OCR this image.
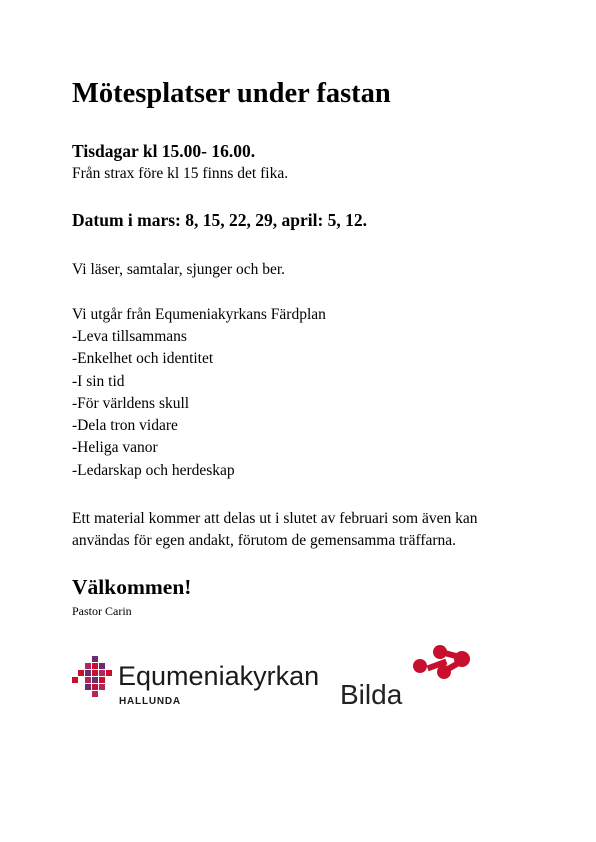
Mötesplatser under fastan

Tisdagar kl 15.00- 16.00.

Från strax före kl 15 finns det fika.

Datum i mars: 8, 15, 22, 29, april: 5, 12.

Vi läser, samtalar, sjunger och ber.

Vi utgår från Equmeniakyrkans Färdplan

-Leva tillsammans
-Enkelhet och identitet
-I sin tid
-För världens skull
-Dela tron vidare
-Heliga vanor
-Ledarskap och herdeskap

Ett material kommer att delas ut i slutet av februari som även kan

användas för egen andakt, förutom de gemensamma träffarna.

Välkommen!

Pastor Carin

Equmeniakyrkan
HALLUNDA	Bilda
